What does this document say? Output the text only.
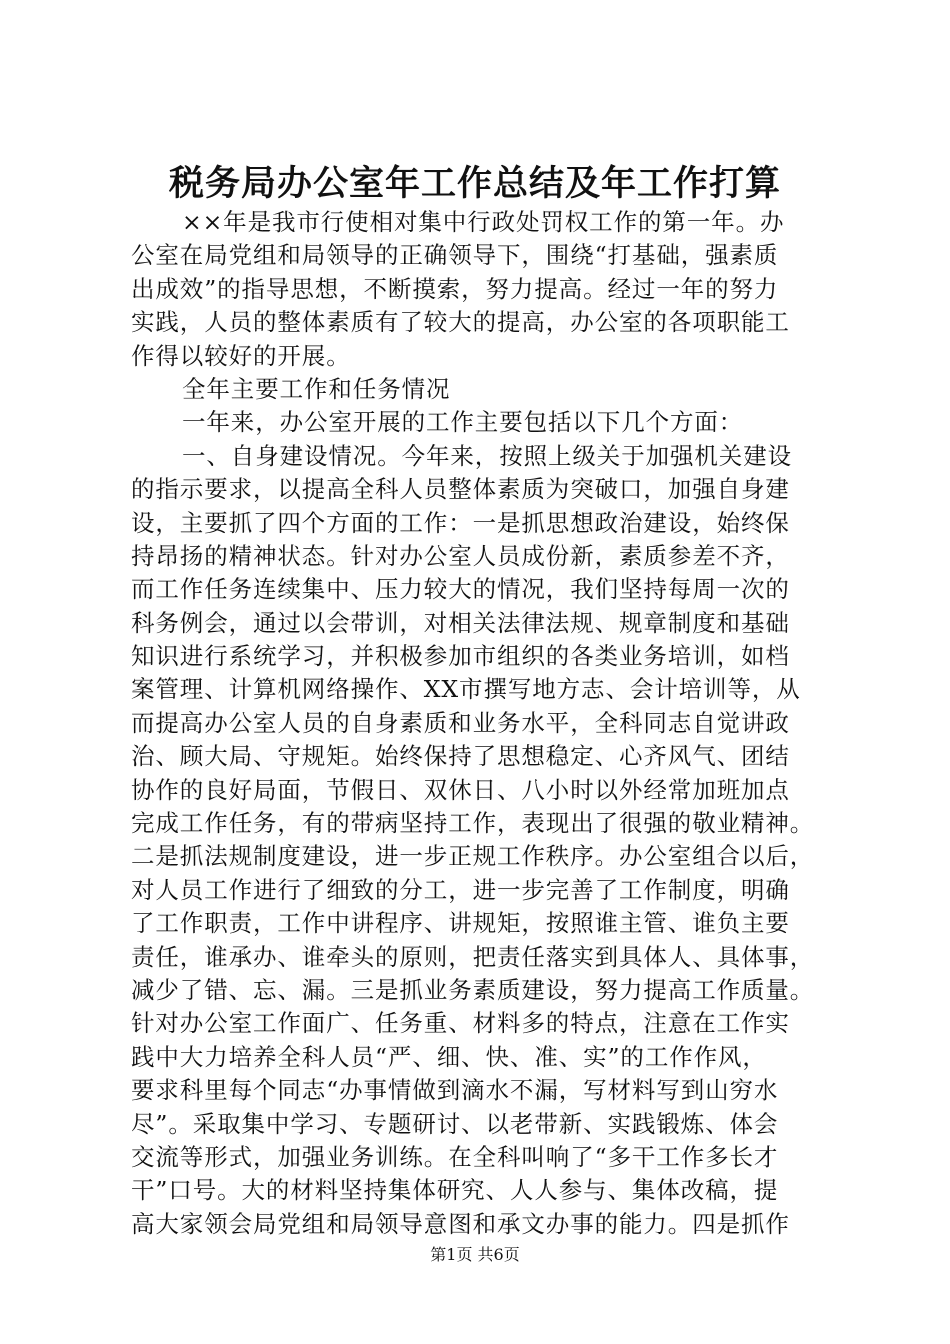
税务局办公室年工作总结及年工作打算
××年是我市行使相对集中行政处罚权工作的第一年。办
公室在局党组和局领导的正确领导下，围绕“打基础，强素质
出成效”的指导思想，不断摸索，努力提高。经过一年的努力
实践，人员的整体素质有了较大的提高，办公室的各项职能工
作得以较好的开展。
全年主要工作和任务情况
一年来，办公室开展的工作主要包括以下几个方面：
一、自身建设情况。今年来，按照上级关于加强机关建设
的指示要求，以提高全科人员整体素质为突破口，加强自身建
设，主要抓了四个方面的工作：一是抓思想政治建设，始终保
持昂扬的精神状态。针对办公室人员成份新，素质参差不齐，
而工作任务连续集中、压力较大的情况，我们坚持每周一次的
科务例会，通过以会带训，对相关法律法规、规章制度和基础
知识进行系统学习，并积极参加市组织的各类业务培训，如档
案管理、计算机网络操作、XX市撰写地方志、会计培训等，从
而提高办公室人员的自身素质和业务水平，全科同志自觉讲政
治、顾大局、守规矩。始终保持了思想稳定、心齐风气、团结
协作的良好局面，节假日、双休日、八小时以外经常加班加点
完成工作任务，有的带病坚持工作，表现出了很强的敬业精神。
二是抓法规制度建设，进一步正规工作秩序。办公室组合以后，
对人员工作进行了细致的分工，进一步完善了工作制度，明确
了工作职责，工作中讲程序、讲规矩，按照谁主管、谁负主要
责任，谁承办、谁牵头的原则，把责任落实到具体人、具体事，
减少了错、忘、漏。三是抓业务素质建设，努力提高工作质量。
针对办公室工作面广、任务重、材料多的特点，注意在工作实
践中大力培养全科人员“严、细、快、准、实”的工作作风，
要求科里每个同志“办事情做到滴水不漏，写材料写到山穷水
尽”。采取集中学习、专题研讨、以老带新、实践锻炼、体会
交流等形式，加强业务训练。在全科叫响了“多干工作多长才
干”口号。大的材料坚持集体研究、人人参与、集体改稿，提
高大家领会局党组和局领导意图和承文办事的能力。四是抓作
第1页 共6页
